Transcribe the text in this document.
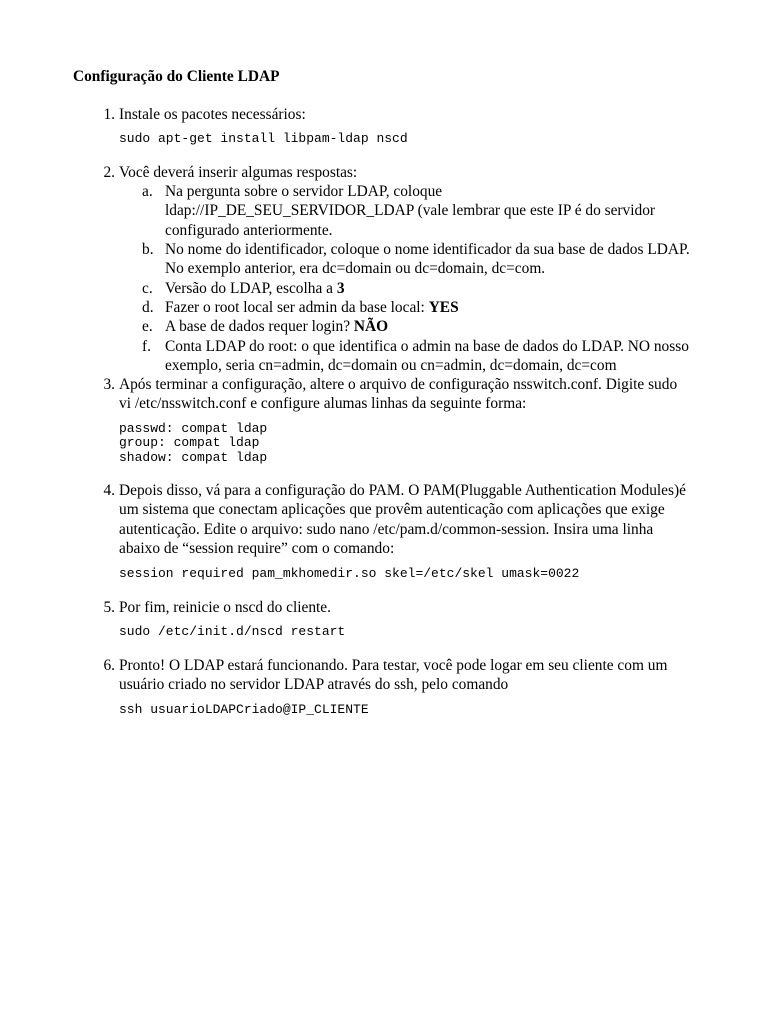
Configuração do Cliente LDAP
1. Instale os pacotes necessários:
sudo apt-get install libpam-ldap nscd
2. Você deverá inserir algumas respostas:
a. Na pergunta sobre o servidor LDAP, coloque
ldap://IP_DE_SEU_SERVIDOR_LDAP (vale lembrar que este IP é do servidor
configurado anteriormente.
b. No nome do identificador, coloque o nome identificador da sua base de dados LDAP.
No exemplo anterior, era dc=domain ou dc=domain, dc=com.
c. Versão do LDAP, escolha a 3
d. Fazer o root local ser admin da base local: YES
e. A base de dados requer login? NÃO
f. Conta LDAP do root: o que identifica o admin na base de dados do LDAP. NO nosso
exemplo, seria cn=admin, dc=domain ou cn=admin, dc=domain, dc=com
3. Após terminar a configuração, altere o arquivo de configuração nsswitch.conf. Digite sudo
vi /etc/nsswitch.conf e configure alumas linhas da seguinte forma:
passwd: compat ldap
group: compat ldap
shadow: compat ldap
4. Depois disso, vá para a configuração do PAM. O PAM(Pluggable Authentication Modules)é
um sistema que conectam aplicações que provêm autenticação com aplicações que exige
autenticação. Edite o arquivo: sudo nano /etc/pam.d/common-session. Insira uma linha
abaixo de “session require” com o comando:
session required pam_mkhomedir.so skel=/etc/skel umask=0022
5. Por fim, reinicie o nscd do cliente.
sudo /etc/init.d/nscd restart
6. Pronto! O LDAP estará funcionando. Para testar, você pode logar em seu cliente com um
usuário criado no servidor LDAP através do ssh, pelo comando
ssh usuarioLDAPCriado@IP_CLIENTE
